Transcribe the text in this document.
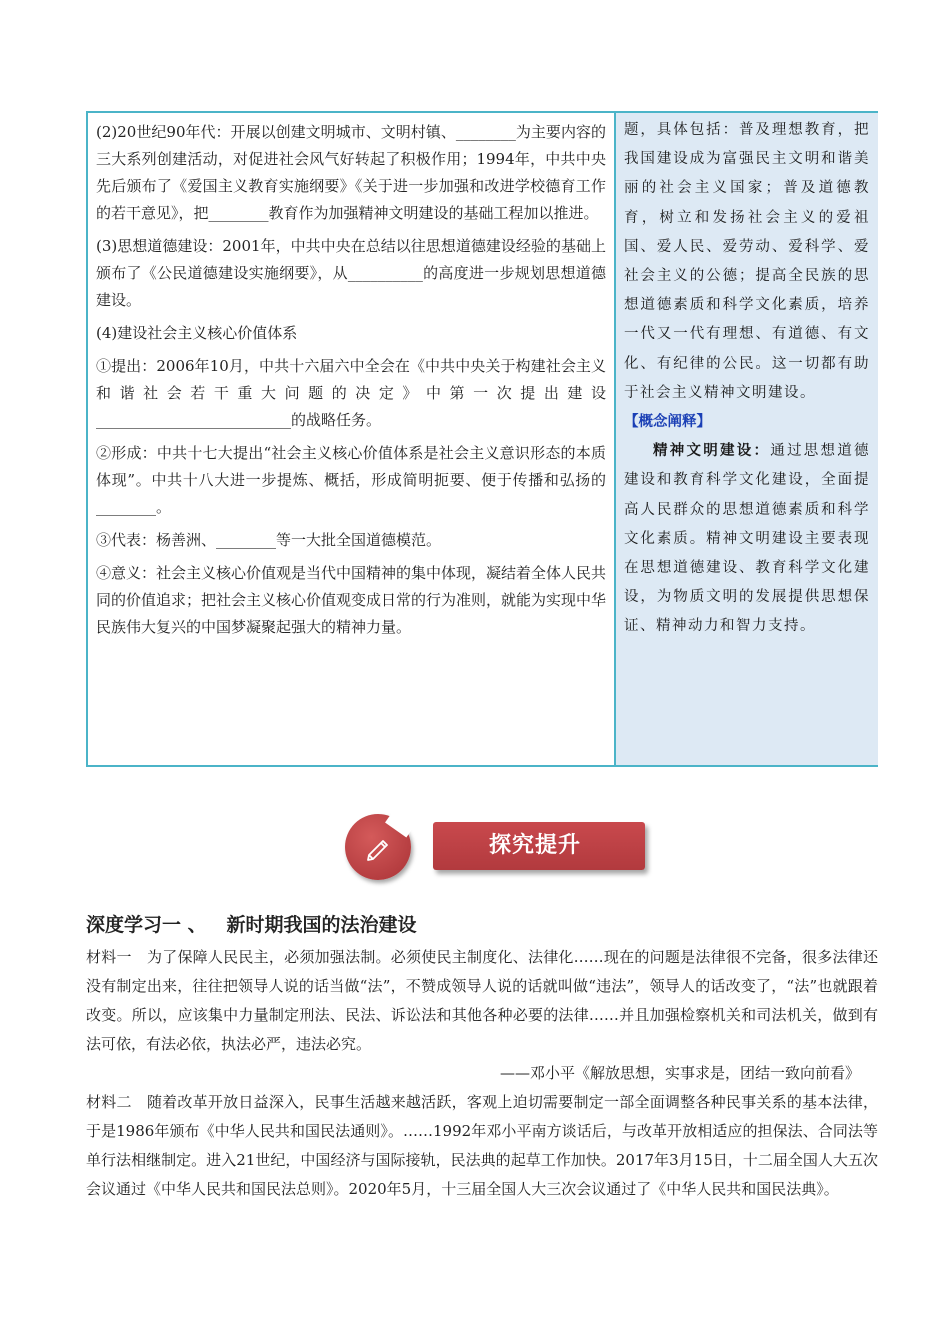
(2)20世纪90年代：开展以创建文明城市、文明村镇、________为主要内容的三大系列创建活动，对促进社会风气好转起了积极作用；1994年，中共中央先后颁布了《爱国主义教育实施纲要》《关于进一步加强和改进学校德育工作的若干意见》，把________教育作为加强精神文明建设的基础工程加以推进。

(3)思想道德建设：2001年，中共中央在总结以往思想道德建设经验的基础上颁布了《公民道德建设实施纲要》，从__________的高度进一步规划思想道德建设。

(4)建设社会主义核心价值体系

①提出：2006年10月，中共十六届六中全会在《中共中央关于构建社会主义和谐社会若干重大问题的决定》中第一次提出建设__________________________的战略任务。

②形成：中共十七大提出“社会主义核心价值体系是社会主义意识形态的本质体现”。中共十八大进一步提炼、概括，形成简明扼要、便于传播和弘扬的________。

③代表：杨善洲、________等一大批全国道德模范。

④意义：社会主义核心价值观是当代中国精神的集中体现，凝结着全体人民共同的价值追求；把社会主义核心价值观变成日常的行为准则，就能为实现中华民族伟大复兴的中国梦凝聚起强大的精神力量。

题，具体包括：普及理想教育，把我国建设成为富强民主文明和谐美丽的社会主义国家；普及道德教育，树立和发扬社会主义的爱祖国、爱人民、爱劳动、爱科学、爱社会主义的公德；提高全民族的思想道德素质和科学文化素质，培养一代又一代有理想、有道德、有文化、有纪律的公民。这一切都有助于社会主义精神文明建设。

【概念阐释】

精神文明建设：通过思想道德建设和教育科学文化建设，全面提高人民群众的思想道德素质和科学文化素质。精神文明建设主要表现在思想道德建设、教育科学文化建设，为物质文明的发展提供思想保证、精神动力和智力支持。

探究提升
深度学习一 、   新时期我国的法治建设

材料一　为了保障人民民主，必须加强法制。必须使民主制度化、法律化……现在的问题是法律很不完备，很多法律还没有制定出来，往往把领导人说的话当做“法”，不赞成领导人说的话就叫做“违法”，领导人的话改变了，“法”也就跟着改变。所以，应该集中力量制定刑法、民法、诉讼法和其他各种必要的法律……并且加强检察机关和司法机关，做到有法可依，有法必依，执法必严，违法必究。

——邓小平《解放思想，实事求是，团结一致向前看》

材料二　随着改革开放日益深入，民事生活越来越活跃，客观上迫切需要制定一部全面调整各种民事关系的基本法律，于是1986年颁布《中华人民共和国民法通则》。……1992年邓小平南方谈话后，与改革开放相适应的担保法、合同法等单行法相继制定。进入21世纪，中国经济与国际接轨，民法典的起草工作加快。2017年3月15日，十二届全国人大五次会议通过《中华人民共和国民法总则》。2020年5月，十三届全国人大三次会议通过了《中华人民共和国民法典》。
